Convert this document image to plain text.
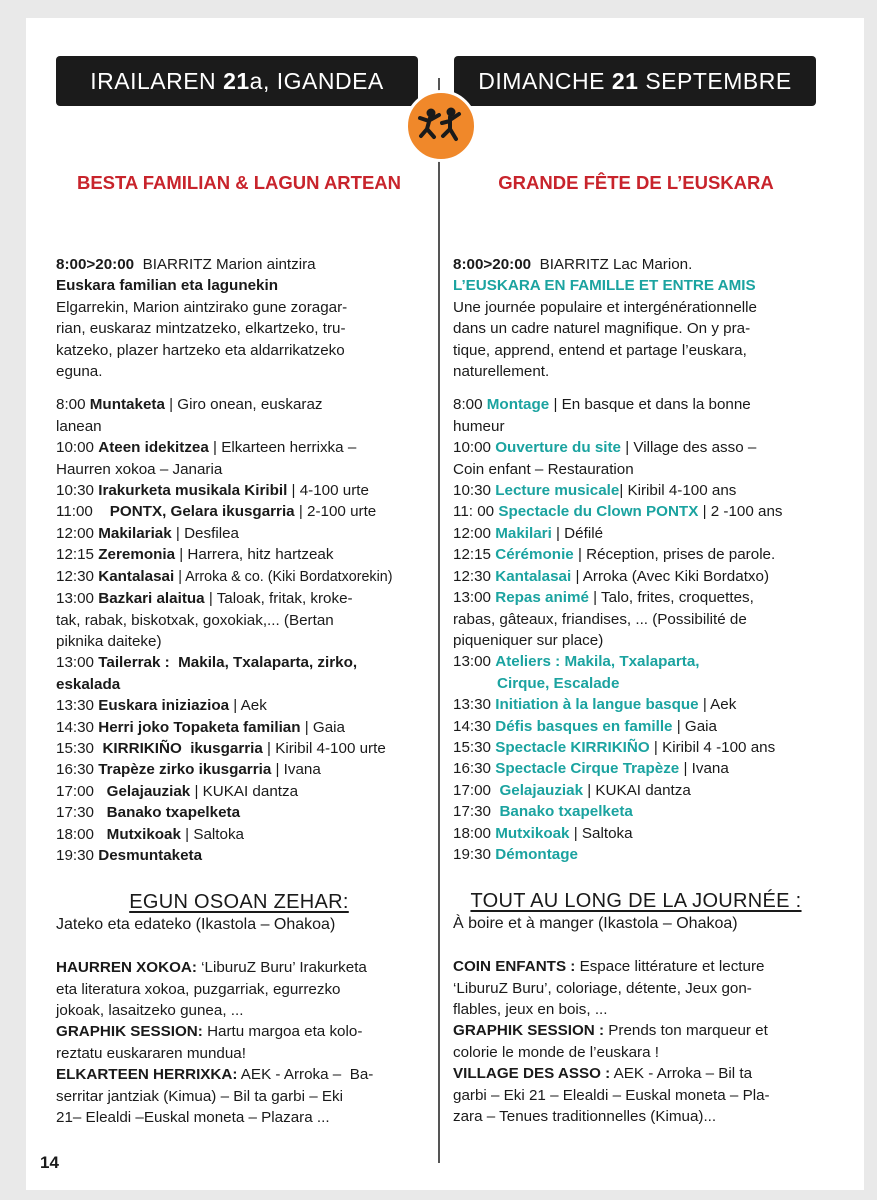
IRAILAREN 21 a, IGANDEA	DIMANCHE 21 SEPTEMBRE
BESTA FAMILIAN & LAGUN ARTEAN
8:00>20:00 BIARRITZ Marion aintzira
Euskara familian eta lagunekin
Elgarrekin, Marion aintzirako gune zoragar-
rian, euskaraz mintzatzeko, elkartzeko, tru-
katzeko, plazer hartzeko eta aldarrikatzeko
eguna.
8:00 Muntaketa | Giro onean, euskaraz
lanean
10:00 Ateen idekitzea | Elkarteen herrixka –
Haurren xokoa – Janaria
10:30 Irakurketa musikala Kiribil | 4-100 urte
11:00    PONTX, Gelara ikusgarria | 2-100 urte
12:00 Makilariak | Desfilea
12:15 Zeremonia | Harrera, hitz hartzeak
12:30 Kantalasai | Arroka & co. (Kiki Bordatxorekin)
13:00 Bazkari alaitua | Taloak, fritak, kroke-
tak, rabak, biskotxak, goxokiak,... (Bertan
piknika daiteke)
13:00 Tailerrak :  Makila, Txalaparta, zirko,
eskalada
13:30 Euskara iniziazioa | Aek
14:30 Herri joko Topaketa familian | Gaia
15:30  KIRRIKIÑO  ikusgarria | Kiribil 4-100 urte
16:30 Trapèze zirko ikusgarria | Ivana
17:00   Gelajauziak | KUKAI dantza
17:30   Banako txapelketa
18:00   Mutxikoak | Saltoka
19:30 Desmuntaketa
EGUN OSOAN ZEHAR:
Jateko eta edateko (Ikastola – Ohakoa)
HAURREN XOKOA: ‘LiburuZ Buru’ Irakurketa
eta literatura xokoa, puzgarriak, egurrezko
jokoak, lasaitzeko gunea, ...
GRAPHIK SESSION: Hartu margoa eta kolo-
reztatu euskararen mundua!
ELKARTEEN HERRIXKA: AEK - Arroka –  Ba-
serritar jantziak (Kimua) – Bil ta garbi – Eki
21– Elealdi –Euskal moneta – Plazara ...
GRANDE FÊTE DE L’EUSKARA
8:00>20:00 BIARRITZ Lac Marion.
L’EUSKARA EN FAMILLE ET ENTRE AMIS
Une journée populaire et intergénérationnelle
dans un cadre naturel magnifique. On y pra-
tique, apprend, entend et partage l’euskara,
naturellement.
8:00 Montage | En basque et dans la bonne
humeur
10:00 Ouverture du site | Village des asso –
Coin enfant – Restauration
10:30 Lecture musicale| Kiribil 4-100 ans
11: 00 Spectacle du Clown PONTX | 2 -100 ans
12:00 Makilari | Défilé
12:15 Cérémonie | Réception, prises de parole.
12:30 Kantalasai | Arroka (Avec Kiki Bordatxo)
13:00 Repas animé | Talo, frites, croquettes,
rabas, gâteaux, friandises, ... (Possibilité de
piqueniquer sur place)
13:00 Ateliers : Makila, Txalaparta,
Cirque, Escalade
13:30 Initiation à la langue basque | Aek
14:30 Défis basques en famille | Gaia
15:30 Spectacle KIRRIKIÑO | Kiribil 4 -100 ans
16:30 Spectacle Cirque Trapèze | Ivana
17:00  Gelajauziak | KUKAI dantza
17:30  Banako txapelketa
18:00 Mutxikoak | Saltoka
19:30 Démontage
TOUT AU LONG DE LA JOURNÉE :
À boire et à manger (Ikastola – Ohakoa)
COIN ENFANTS : Espace littérature et lecture
‘LiburuZ Buru’, coloriage, détente, Jeux gon-
flables, jeux en bois, ...
GRAPHIK SESSION : Prends ton marqueur et
colorie le monde de l’euskara !
VILLAGE DES ASSO : AEK - Arroka – Bil ta
garbi – Eki 21 – Elealdi – Euskal moneta – Pla-
zara – Tenues traditionnelles (Kimua)...
14
